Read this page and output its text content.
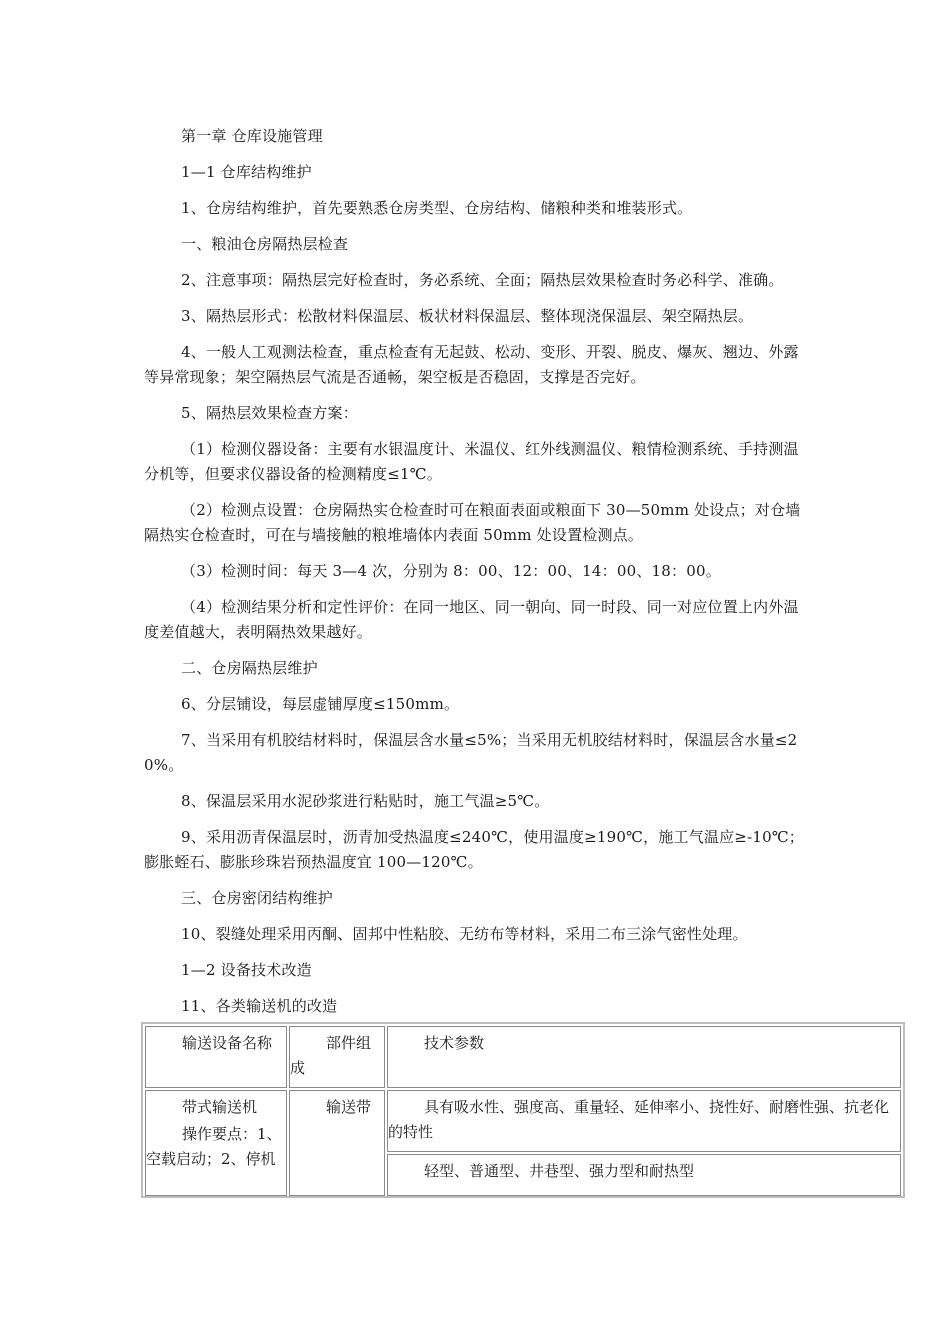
第一章 仓库设施管理

1—1 仓库结构维护

1、仓房结构维护，首先要熟悉仓房类型、仓房结构、储粮种类和堆装形式。

一、粮油仓房隔热层检查

2、注意事项：隔热层完好检查时，务必系统、全面；隔热层效果检查时务必科学、准确。

3、隔热层形式：松散材料保温层、板状材料保温层、整体现浇保温层、架空隔热层。

4、一般人工观测法检查，重点检查有无起鼓、松动、变形、开裂、脱皮、爆灰、翘边、外露等异常现象；架空隔热层气流是否通畅，架空板是否稳固，支撑是否完好。

5、隔热层效果检查方案：

（1）检测仪器设备：主要有水银温度计、米温仪、红外线测温仪、粮情检测系统、手持测温分机等，但要求仪器设备的检测精度≤1℃。

（2）检测点设置：仓房隔热实仓检查时可在粮面表面或粮面下 30—50mm 处设点；对仓墙隔热实仓检查时，可在与墙接触的粮堆墙体内表面 50mm 处设置检测点。

（3）检测时间：每天 3—4 次，分别为 8：00、12：00、14：00、18：00。

（4）检测结果分析和定性评价：在同一地区、同一朝向、同一时段、同一对应位置上内外温度差值越大，表明隔热效果越好。

二、仓房隔热层维护

6、分层铺设，每层虚铺厚度≤150mm。

7、当采用有机胶结材料时，保温层含水量≤5%；当采用无机胶结材料时，保温层含水量≤20%。

8、保温层采用水泥砂浆进行粘贴时，施工气温≥5℃。

9、采用沥青保温层时，沥青加受热温度≤240℃，使用温度≥190℃，施工气温应≥-10℃；膨胀蛭石、膨胀珍珠岩预热温度宜 100—120℃。

三、仓房密闭结构维护

10、裂缝处理采用丙酮、固邦中性粘胶、无纺布等材料，采用二布三涂气密性处理。

1—2 设备技术改造

11、各类输送机的改造

输送设备名称	部件组成
技术参数
带式输送机
操作要点：1、空载启动；2、停机
输送带	具有吸水性、强度高、重量轻、延伸率小、挠性好、耐磨性强、抗老化的特性
轻型、普通型、井巷型、强力型和耐热型
